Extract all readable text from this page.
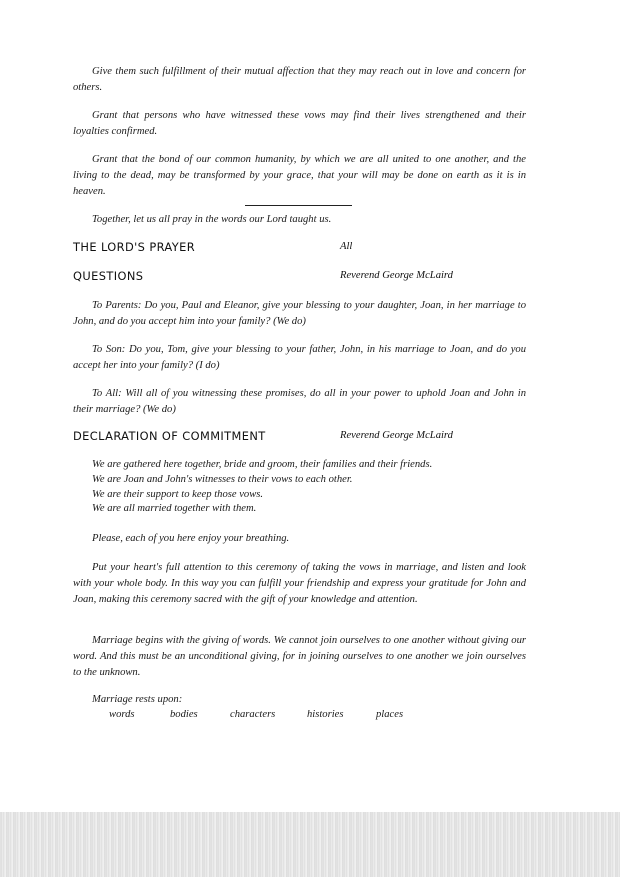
Give them such fulfillment of their mutual affection that they may reach out in love and concern for others.

Grant that persons who have witnessed these vows may find their lives strengthened and their loyalties confirmed.

Grant that the bond of our common humanity, by which we are all united to one another, and the living to the dead, may be transformed by your grace, that your will may be done on earth as it is in heaven.

Together, let us all pray in the words our Lord taught us.

THE LORD'S PRAYER	All
QUESTIONS	Reverend George McLaird

To Parents: Do you, Paul and Eleanor, give your blessing to your daughter, Joan, in her marriage to John, and do you accept him into your family? (We do)

To Son: Do you, Tom, give your blessing to your father, John, in his marriage to Joan, and do you accept her into your family? (I do)

To All: Will all of you witnessing these promises, do all in your power to uphold Joan and John in their marriage? (We do)

DECLARATION OF COMMITMENT	Reverend George McLaird
We are gathered here together, bride and groom, their families and their friends.
We are Joan and John's witnesses to their vows to each other.
We are their support to keep those vows.
We are all married together with them.

Please, each of you here enjoy your breathing.

Put your heart's full attention to this ceremony of taking the vows in marriage, and listen and look with your whole body. In this way you can fulfill your friendship and express your gratitude for John and Joan, making this ceremony sacred with the gift of your knowledge and attention.

Marriage begins with the giving of words. We cannot join ourselves to one another without giving our word. And this must be an unconditional giving, for in joining ourselves to one another we join ourselves to the unknown.

Marriage rests upon:
words	bodies	characters	histories	places
